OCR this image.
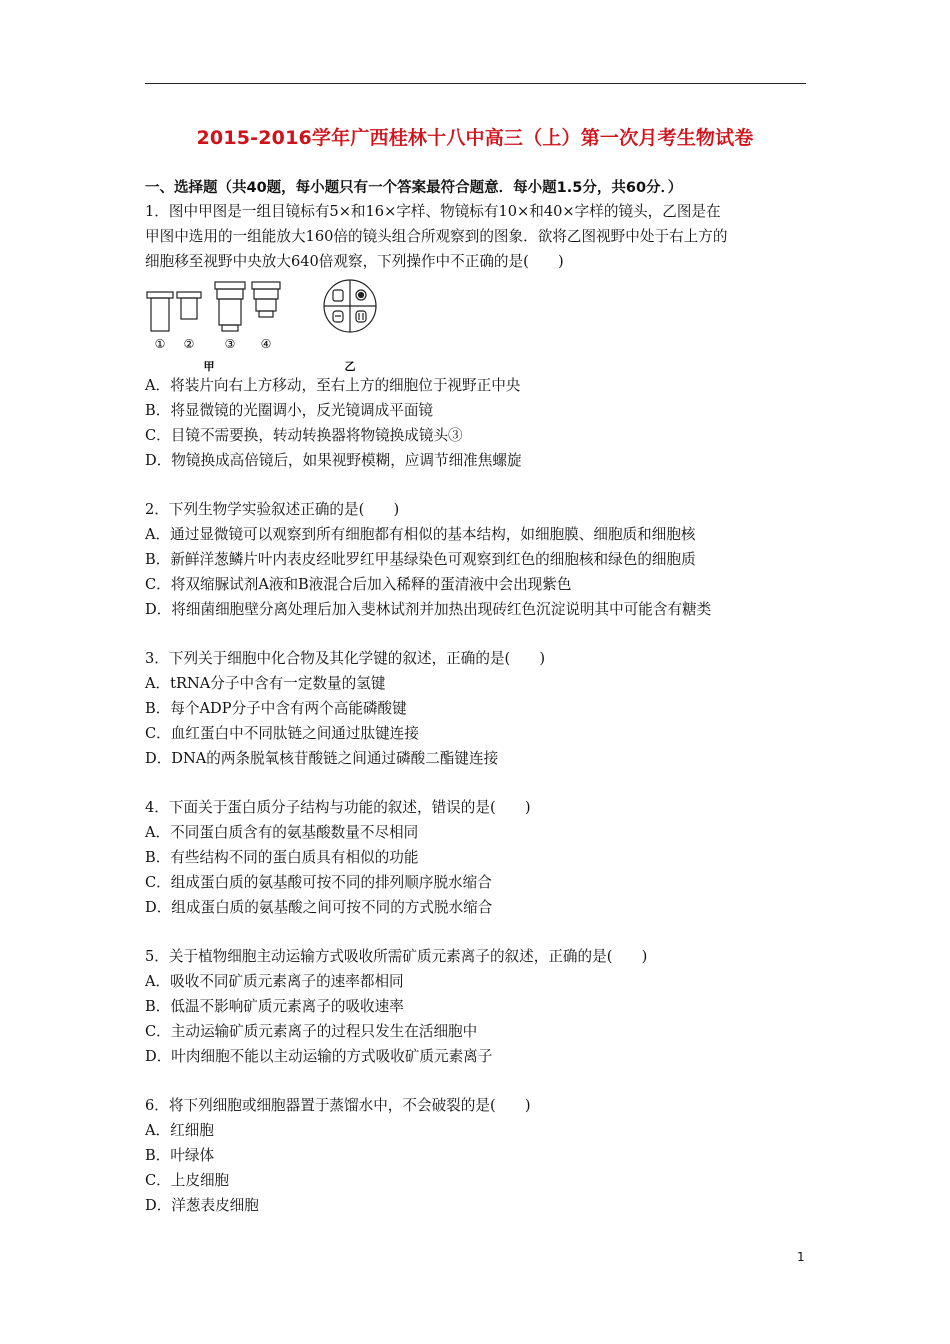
2015-2016学年广西桂林十八中高三（上）第一次月考生物试卷
一、选择题（共40题，每小题只有一个答案最符合题意．每小题1.5分，共60分．）
1．图中甲图是一组目镜标有5×和16×字样、物镜标有10×和40×字样的镜头，乙图是在
甲图中选用的一组能放大160倍的镜头组合所观察到的图象．欲将乙图视野中处于右上方的
细胞移至视野中央放大640倍观察，下列操作中不正确的是(　　)
① ②	③ ④
甲	乙
A．将装片向右上方移动，至右上方的细胞位于视野正中央
B．将显微镜的光圈调小，反光镜调成平面镜
C．目镜不需要换，转动转换器将物镜换成镜头③
D．物镜换成高倍镜后，如果视野模糊，应调节细准焦螺旋
2．下列生物学实验叙述正确的是(　　)
A．通过显微镜可以观察到所有细胞都有相似的基本结构，如细胞膜、细胞质和细胞核
B．新鲜洋葱鳞片叶内表皮经吡罗红甲基绿染色可观察到红色的细胞核和绿色的细胞质
C．将双缩脲试剂A液和B液混合后加入稀释的蛋清液中会出现紫色
D．将细菌细胞壁分离处理后加入斐林试剂并加热出现砖红色沉淀说明其中可能含有糖类
3．下列关于细胞中化合物及其化学键的叙述，正确的是(　　)
A．tRNA分子中含有一定数量的氢键
B．每个ADP分子中含有两个高能磷酸键
C．血红蛋白中不同肽链之间通过肽键连接
D．DNA的两条脱氧核苷酸链之间通过磷酸二酯键连接
4．下面关于蛋白质分子结构与功能的叙述，错误的是(　　)
A．不同蛋白质含有的氨基酸数量不尽相同
B．有些结构不同的蛋白质具有相似的功能
C．组成蛋白质的氨基酸可按不同的排列顺序脱水缩合
D．组成蛋白质的氨基酸之间可按不同的方式脱水缩合
5．关于植物细胞主动运输方式吸收所需矿质元素离子的叙述，正确的是(　　)
A．吸收不同矿质元素离子的速率都相同
B．低温不影响矿质元素离子的吸收速率
C．主动运输矿质元素离子的过程只发生在活细胞中
D．叶肉细胞不能以主动运输的方式吸收矿质元素离子
6．将下列细胞或细胞器置于蒸馏水中，不会破裂的是(　　)
A．红细胞
B．叶绿体
C．上皮细胞
D．洋葱表皮细胞
1
